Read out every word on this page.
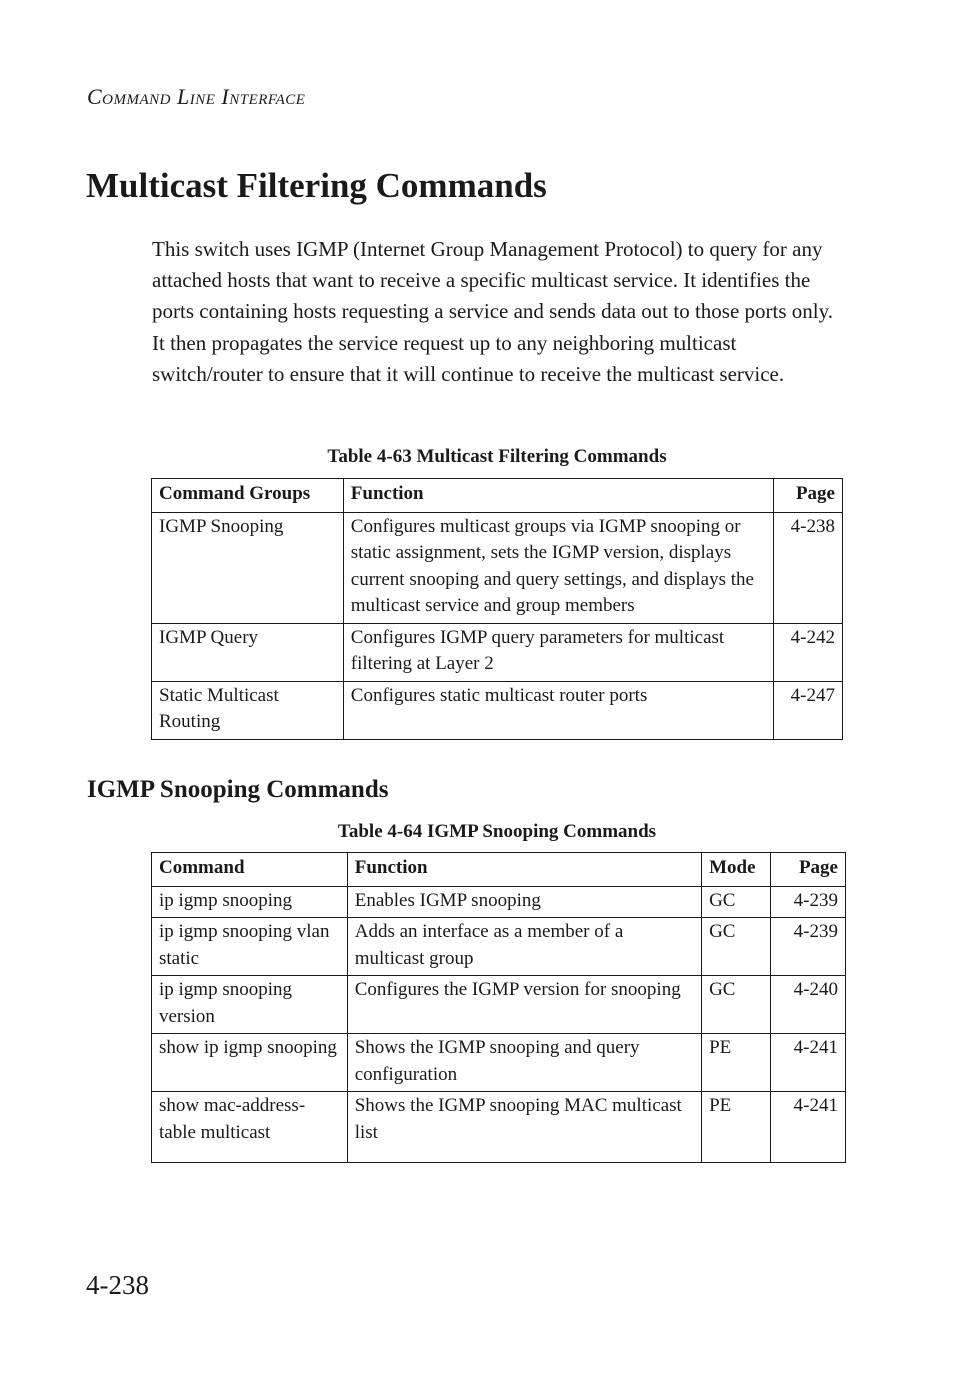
Command Line Interface
Multicast Filtering Commands

This switch uses IGMP (Internet Group Management Protocol) to query for any attached hosts that want to receive a specific multicast service. It identifies the ports containing hosts requesting a service and sends data out to those ports only. It then propagates the service request up to any neighboring multicast switch/router to ensure that it will continue to receive the multicast service.

Table 4-63 Multicast Filtering Commands

Command Groups	Function	Page
IGMP Snooping	Configures multicast groups via IGMP snooping or static assignment, sets the IGMP version, displays current snooping and query settings, and displays the multicast service and group members	4-238
IGMP Query	Configures IGMP query parameters for multicast filtering at Layer 2	4-242
Static Multicast Routing	Configures static multicast router ports	4-247
IGMP Snooping Commands

Table 4-64 IGMP Snooping Commands

Command	Function	Mode	Page
ip igmp snooping	Enables IGMP snooping	GC	4-239
ip igmp snooping vlan static	Adds an interface as a member of a multicast group	GC	4-239
ip igmp snooping version	Configures the IGMP version for snooping	GC	4-240
show ip igmp snooping	Shows the IGMP snooping and query configuration	PE	4-241
show mac-address-table multicast	Shows the IGMP snooping MAC multicast list	PE	4-241
4-238
